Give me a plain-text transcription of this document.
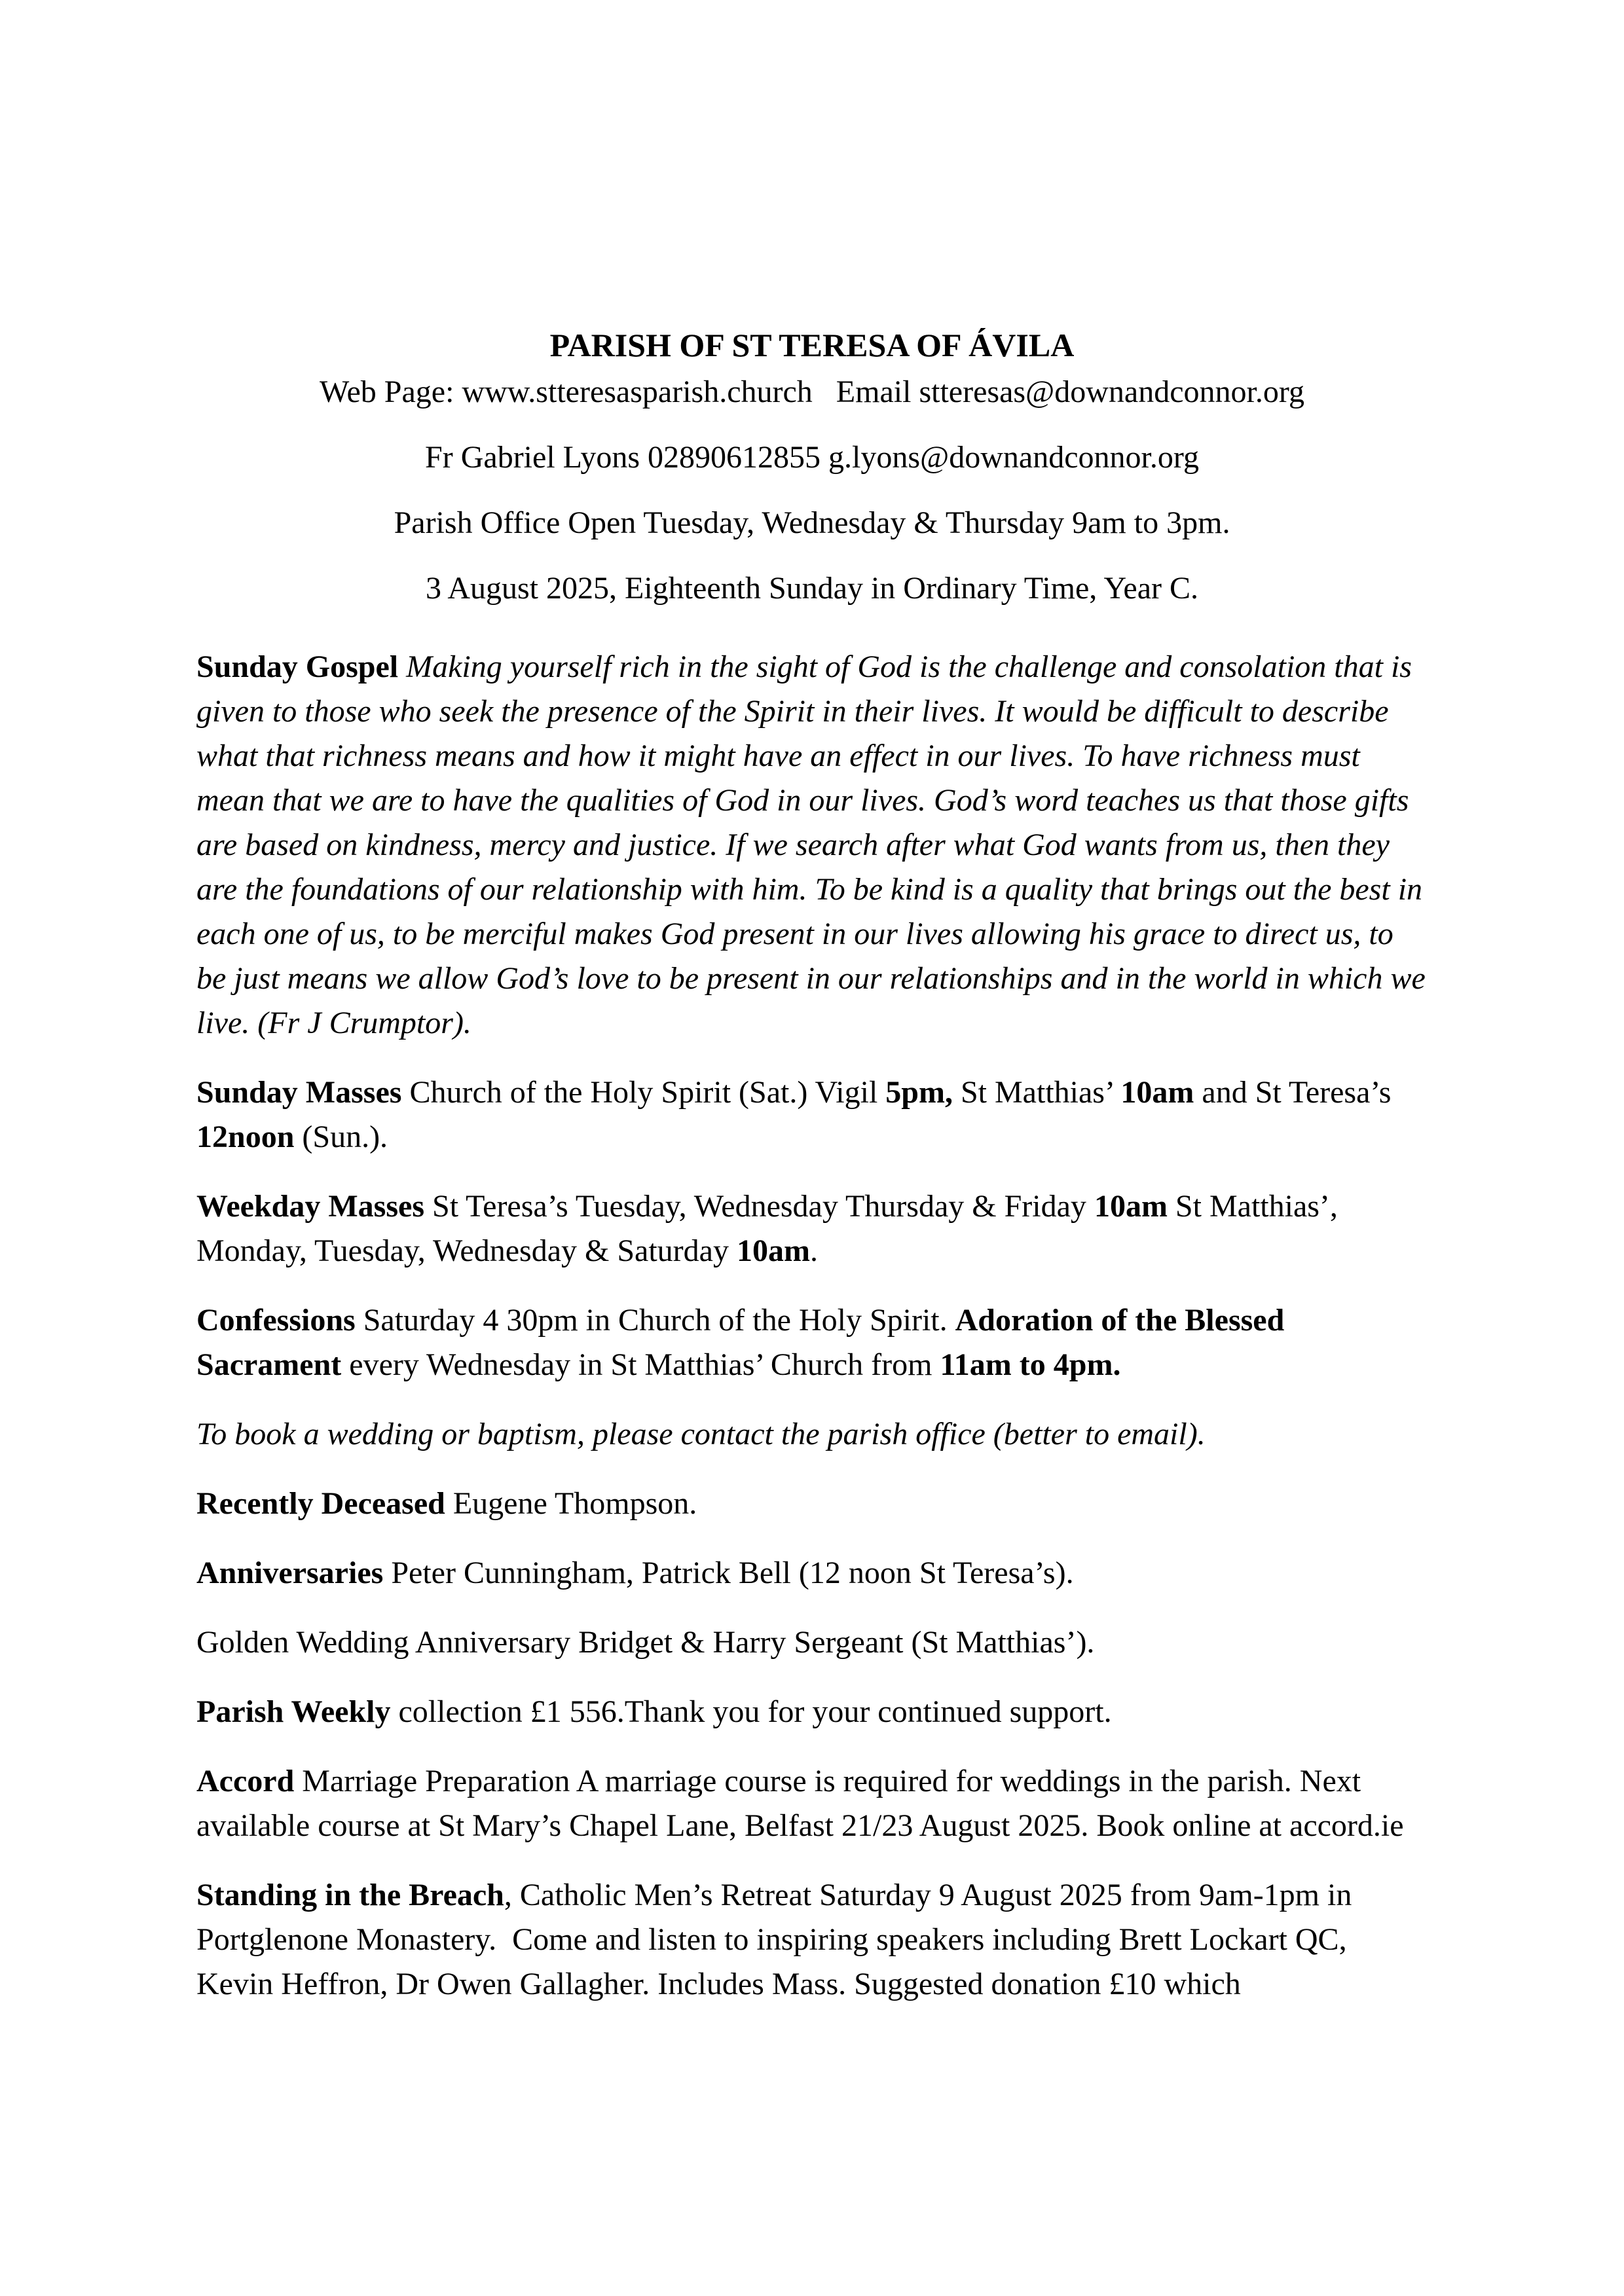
PARISH OF ST TERESA OF ÁVILA

Web Page: www.stteresasparish.church   Email stteresas@downandconnor.org

Fr Gabriel Lyons 02890612855 g.lyons@downandconnor.org

Parish Office Open Tuesday, Wednesday & Thursday 9am to 3pm.

3 August 2025, Eighteenth Sunday in Ordinary Time, Year C.

Sunday Gospel Making yourself rich in the sight of God is the challenge and consolation that is given to those who seek the presence of the Spirit in their lives. It would be difficult to describe what that richness means and how it might have an effect in our lives. To have richness must mean that we are to have the qualities of God in our lives. God’s word teaches us that those gifts are based on kindness, mercy and justice. If we search after what God wants from us, then they are the foundations of our relationship with him. To be kind is a quality that brings out the best in each one of us, to be merciful makes God present in our lives allowing his grace to direct us, to be just means we allow God’s love to be present in our relationships and in the world in which we live. (Fr J Crumptor).

Sunday Masses Church of the Holy Spirit (Sat.) Vigil 5pm, St Matthias’ 10am and St Teresa’s 12noon (Sun.).

Weekday Masses St Teresa’s Tuesday, Wednesday Thursday & Friday 10am St Matthias’, Monday, Tuesday, Wednesday & Saturday 10am.

Confessions Saturday 4 30pm in Church of the Holy Spirit. Adoration of the Blessed Sacrament every Wednesday in St Matthias’ Church from 11am to 4pm.

To book a wedding or baptism, please contact the parish office (better to email).

Recently Deceased Eugene Thompson.

Anniversaries Peter Cunningham, Patrick Bell (12 noon St Teresa’s).

Golden Wedding Anniversary Bridget & Harry Sergeant (St Matthias’).

Parish Weekly collection £1 556.Thank you for your continued support.

Accord Marriage Preparation A marriage course is required for weddings in the parish. Next available course at St Mary’s Chapel Lane, Belfast 21/23 August 2025. Book online at accord.ie

Standing in the Breach, Catholic Men’s Retreat Saturday 9 August 2025 from 9am-1pm in Portglenone Monastery.  Come and listen to inspiring speakers including Brett Lockart QC, Kevin Heffron, Dr Owen Gallagher. Includes Mass. Suggested donation £10 which
